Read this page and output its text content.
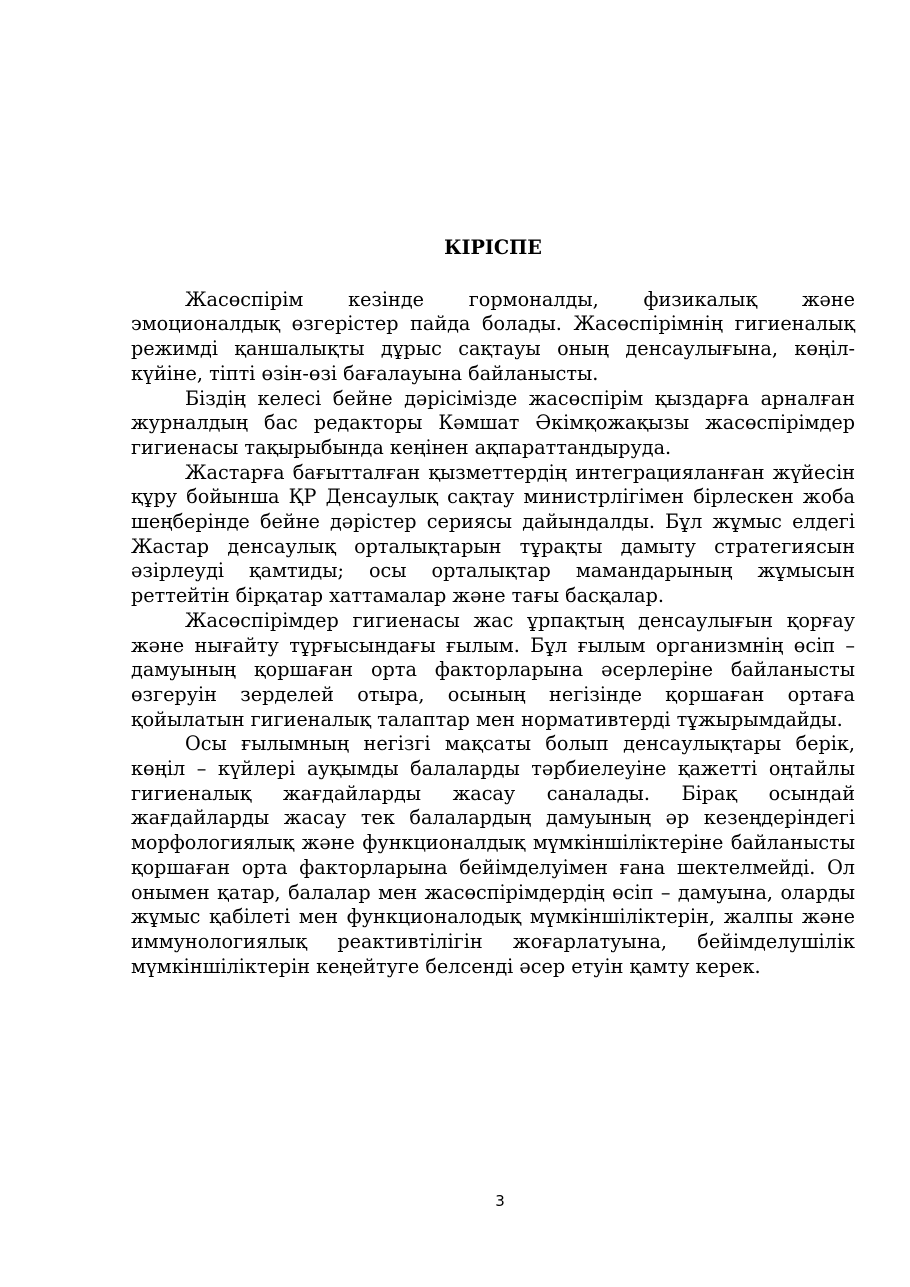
КІРІСПЕ

Жасөспірім кезінде гормоналды, физикалық және эмоционалдық өзгерістер пайда болады. Жасөспірімнің гигиеналық режимді қаншалықты дұрыс сақтауы оның денсаулығына, көңіл-күйіне, тіпті өзін-өзі бағалауына байланысты.

Біздің келесі бейне дәрісімізде жасөспірім қыздарға арналған журналдың бас редакторы Кәмшат Әкімқожақызы жасөспірімдер гигиенасы тақырыбында кеңінен ақпараттандыруда.

Жастарға бағытталған қызметтердің интеграцияланған жүйесін құру бойынша ҚР Денсаулық сақтау министрлігімен бірлескен жоба шеңберінде бейне дәрістер сериясы дайындалды. Бұл жұмыс елдегі Жастар денсаулық орталықтарын тұрақты дамыту стратегиясын әзірлеуді қамтиды; осы орталықтар мамандарының жұмысын реттейтін бірқатар хаттамалар және тағы басқалар.

Жасөспірімдер гигиенасы жас ұрпақтың денсаулығын қорғау және нығайту тұрғысындағы ғылым. Бұл ғылым организмнің өсіп – дамуының қоршаған орта факторларына әсерлеріне байланысты өзгеруін зерделей отыра, осының негізінде қоршаған ортаға қойылатын гигиеналық талаптар мен нормативтерді тұжырымдайды.

Осы ғылымның негізгі мақсаты болып денсаулықтары берік, көңіл – күйлері ауқымды балаларды тәрбиелеуіне қажетті оңтайлы гигиеналық жағдайларды жасау саналады. Бірақ осындай жағдайларды жасау тек балалардың дамуының әр кезеңдеріндегі морфологиялық және функционалдық мүмкіншіліктеріне байланысты қоршаған орта факторларына бейімделуімен ғана шектелмейді. Ол онымен қатар, балалар мен жасөспірімдердің өсіп – дамуына, оларды жұмыс қабілеті мен функционалодық мүмкіншіліктерін, жалпы және иммунологиялық реактивтілігін жоғарлатуына, бейімделушілік мүмкіншіліктерін кеңейтуге белсенді әсер етуін қамту керек.

3
